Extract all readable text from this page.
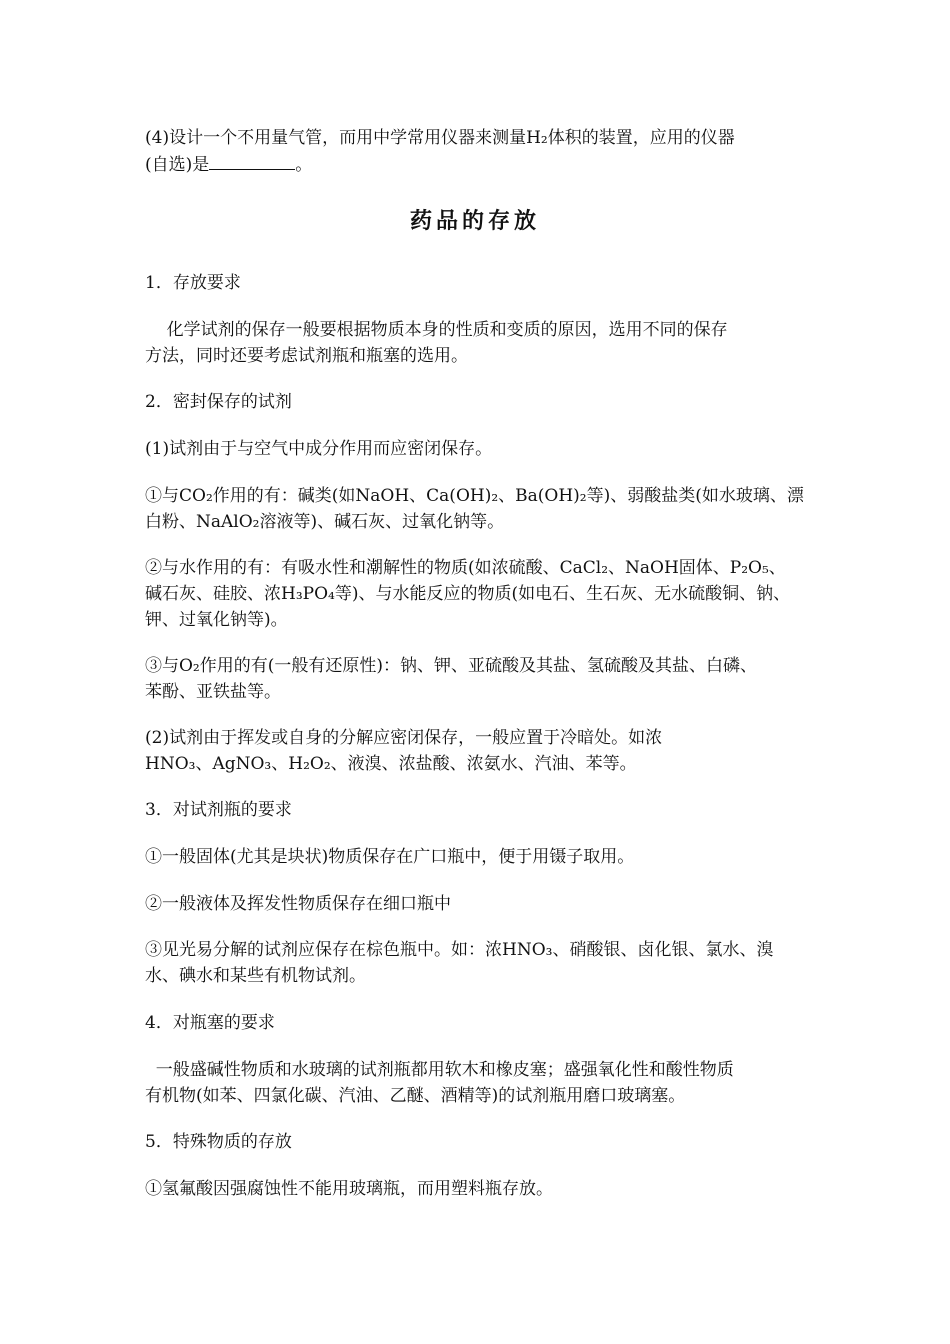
(4)设计一个不用量气管，而用中学常用仪器来测量H₂体积的装置，应用的仪器
(自选)是	。
药品的存放
1．存放要求
化学试剂的保存一般要根据物质本身的性质和变质的原因，选用不同的保存
方法，同时还要考虑试剂瓶和瓶塞的选用。
2．密封保存的试剂
(1)试剂由于与空气中成分作用而应密闭保存。
①与CO₂作用的有：碱类(如NaOH、Ca(OH)₂、Ba(OH)₂等)、弱酸盐类(如水玻璃、漂
白粉、NaAlO₂溶液等)、碱石灰、过氧化钠等。
②与水作用的有：有吸水性和潮解性的物质(如浓硫酸、CaCl₂、NaOH固体、P₂O₅、
碱石灰、硅胶、浓H₃PO₄等)、与水能反应的物质(如电石、生石灰、无水硫酸铜、钠、
钾、过氧化钠等)。
③与O₂作用的有(一般有还原性)：钠、钾、亚硫酸及其盐、氢硫酸及其盐、白磷、
苯酚、亚铁盐等。
(2)试剂由于挥发或自身的分解应密闭保存，一般应置于冷暗处。如浓
HNO₃、AgNO₃、H₂O₂、液溴、浓盐酸、浓氨水、汽油、苯等。
3．对试剂瓶的要求
①一般固体(尤其是块状)物质保存在广口瓶中，便于用镊子取用。
②一般液体及挥发性物质保存在细口瓶中
③见光易分解的试剂应保存在棕色瓶中。如：浓HNO₃、硝酸银、卤化银、氯水、溴
水、碘水和某些有机物试剂。
4．对瓶塞的要求
一般盛碱性物质和水玻璃的试剂瓶都用软木和橡皮塞；盛强氧化性和酸性物质
有机物(如苯、四氯化碳、汽油、乙醚、酒精等)的试剂瓶用磨口玻璃塞。
5．特殊物质的存放
①氢氟酸因强腐蚀性不能用玻璃瓶，而用塑料瓶存放。
